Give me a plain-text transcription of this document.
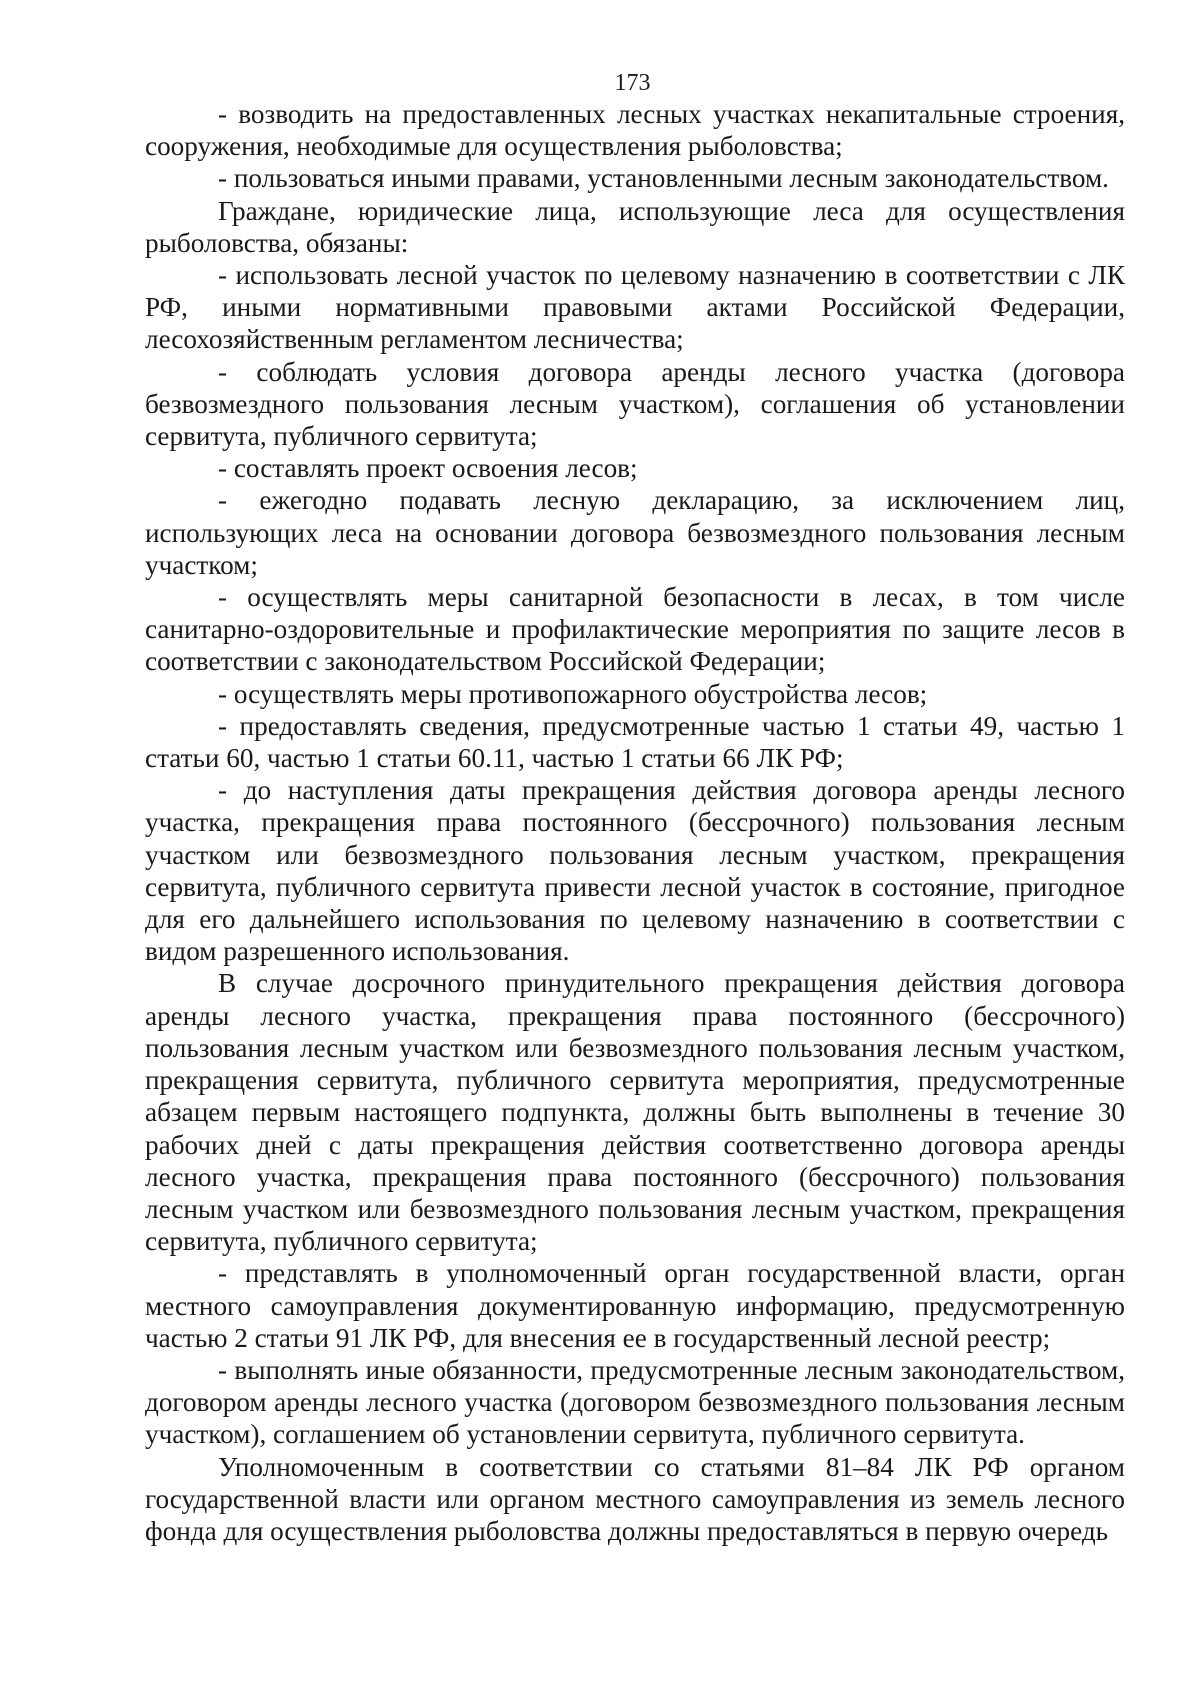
173

- возводить на предоставленных лесных участках некапитальные строения, сооружения, необходимые для осуществления рыболовства;

- пользоваться иными правами, установленными лесным законодательством.

Граждане, юридические лица, использующие леса для осуществления рыболовства, обязаны:

- использовать лесной участок по целевому назначению в соответствии с ЛК РФ, иными нормативными правовыми актами Российской Федерации, лесохозяйственным регламентом лесничества;

- соблюдать условия договора аренды лесного участка (договора безвозмездного пользования лесным участком), соглашения об установлении сервитута, публичного сервитута;

- составлять проект освоения лесов;

- ежегодно подавать лесную декларацию, за исключением лиц, использующих леса на основании договора безвозмездного пользования лесным участком;

- осуществлять меры санитарной безопасности в лесах, в том числе санитарно-оздоровительные и профилактические мероприятия по защите лесов в соответствии с законодательством Российской Федерации;

- осуществлять меры противопожарного обустройства лесов;

- предоставлять сведения, предусмотренные частью 1 статьи 49, частью 1 статьи 60, частью 1 статьи 60.11, частью 1 статьи 66 ЛК РФ;

- до наступления даты прекращения действия договора аренды лесного участка, прекращения права постоянного (бессрочного) пользования лесным участком или безвозмездного пользования лесным участком, прекращения сервитута, публичного сервитута привести лесной участок в состояние, пригодное для его дальнейшего использования по целевому назначению в соответствии с видом разрешенного использования.

В случае досрочного принудительного прекращения действия договора аренды лесного участка, прекращения права постоянного (бессрочного) пользования лесным участком или безвозмездного пользования лесным участком, прекращения сервитута, публичного сервитута мероприятия, предусмотренные абзацем первым настоящего подпункта, должны быть выполнены в течение 30 рабочих дней с даты прекращения действия соответственно договора аренды лесного участка, прекращения права постоянного (бессрочного) пользования лесным участком или безвозмездного пользования лесным участком, прекращения сервитута, публичного сервитута;

- представлять в уполномоченный орган государственной власти, орган местного самоуправления документированную информацию, предусмотренную частью 2 статьи 91 ЛК РФ, для внесения ее в государственный лесной реестр;

- выполнять иные обязанности, предусмотренные лесным законодательством, договором аренды лесного участка (договором безвозмездного пользования лесным участком), соглашением об установлении сервитута, публичного сервитута.

Уполномоченным в соответствии со статьями 81–84 ЛК РФ органом государственной власти или органом местного самоуправления из земель лесного фонда для осуществления рыболовства должны предоставляться в первую очередь
